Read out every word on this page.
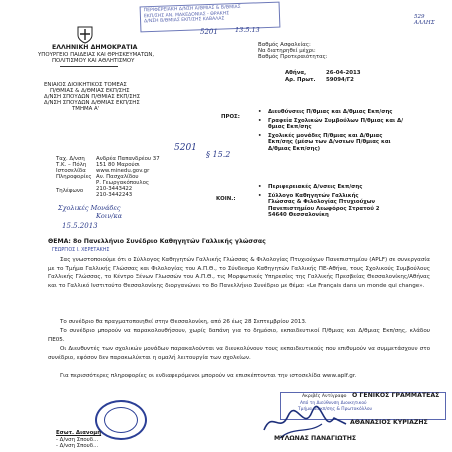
529
ΑΛΛΗΣ
ΠΕΡΙΦΕΡΕΙΑΚΗ Δ/ΝΣΗ Α/ΘΜΙΑΣ & Β/ΘΜΙΑΣ
ΕΚΠ/ΣΗΣ ΑΝ. ΜΑΚΕΔΟΝΙΑΣ - ΘΡΑΚΗΣ
Δ/ΝΣΗ Β/ΘΜΙΑΣ ΕΚΠ/ΣΗΣ ΚΑΒΑΛΑΣ
5201	13.5.13
ΕΛΛΗΝΙΚΗ ΔΗΜΟΚΡΑΤΙΑ
ΥΠΟΥΡΓΕΙΟ ΠΑΙΔΕΙΑΣ ΚΑΙ ΘΡΗΣΚΕΥΜΑΤΩΝ,
ΠΟΛΙΤΙΣΜΟΥ ΚΑΙ ΑΘΛΗΤΙΣΜΟΥ
ΕΝΙΑΙΟΣ ΔΙΟΙΚΗΤΙΚΟΣ ΤΟΜΕΑΣ
Π/ΘΜΙΑΣ & Δ/ΘΜΙΑΣ ΕΚΠ/ΣΗΣ
Δ/ΝΣΗ ΣΠΟΥΔΩΝ Π/ΘΜΙΑΣ ΕΚΠ/ΣΗΣ
Δ/ΝΣΗ ΣΠΟΥΔΩΝ Δ/ΘΜΙΑΣ ΕΚΠ/ΣΗΣ
ΤΜΗΜΑ Α'
Βαθμός Ασφαλείας:
Να διατηρηθεί μέχρι:
Βαθμός Προτεραιότητας:
Αθήνα,	26-04-2013
Αρ. Πρωτ. 59094/Γ2
Ταχ. Δ/νση Ανδρέα Παπανδρέου 37
Τ.Κ. – Πόλη 151 80 Μαρούσι
Ιστοσελίδα www.minedu.gov.gr
Πληροφορίες Αν. Πασχαλίδου
Ρ. Γεωργακόπουλος
Τηλέφωνο 210-3443422
210-3442243
5201
§ 15.2
Σχολικές Μονάδες
Κοιν/κα
15.5.2013
ΠΡΟΣ:
•	Διευθύνσεις Π/θμιας και Δ/θμιας Εκπ/σης
•	Γραφεία Σχολικών Συμβούλων Π/θμιας και Δ/θμιας Εκπ/σης
•	Σχολικές μονάδες Π/θμιας και Δ/θμιας Εκπ/σης (μέσω των Δ/νσεων Π/θμιας και Δ/θμιας Εκπ/σης)
ΚΟΙΝ.:
•	Περιφερειακές Δ/νσεις Εκπ/σης
•	Σύλλογο Καθηγητών Γαλλικής Γλώσσας & Φιλολογίας Πτυχιούχων Πανεπιστημίου Λεωφόρος Στρατού 2 54640 Θεσσαλονίκη
ΘΕΜΑ: 8ο Πανελλήνιο Συνέδριο Καθηγητών Γαλλικής γλώσσας
ΓΕΩΡΓΙΟΣ Ι. ΧΕΡΕΤΑΚΗΣ
Σας γνωστοποιούμε ότι ο Σύλλογος Καθηγητών Γαλλικής Γλώσσας & Φιλολογίας Πτυχιούχων Πανεπιστημίου (APLF) σε συνεργασία με το Τμήμα Γαλλικής Γλώσσας και Φιλολογίας του Α.Π.Θ., το Σύνδεσμο Καθηγητών Γαλλικής ΠΕ-Αθήνα, τους Σχολικούς Συμβούλους Γαλλικής Γλώσσας, το Κέντρο Ξένων Γλωσσών του Α.Π.Θ., τις Μορφωτικές Υπηρεσίες της Γαλλικής Πρεσβείας Θεσσαλονίκης/Αθήνας και το Γαλλικό Ινστιτούτο Θεσσαλονίκης διοργανώνει το 8ο Πανελλήνιο Συνέδριο με θέμα: «Le Français dans un monde qui change».
Το συνέδριο θα πραγματοποιηθεί στην Θεσσαλονίκη, από 26 έως 28 Σεπτεμβρίου 2013.
Το συνέδριο μπορούν να παρακολουθήσουν, χωρίς δαπάνη για το δημόσιο, εκπαιδευτικοί Π/θμιας και Δ/θμιας Εκπ/σης, κλάδου ΠΕ05.
Οι Διευθυντές των σχολικών μονάδων παρακαλούνται να διευκολύνουν τους εκπαιδευτικούς που επιθυμούν να συμμετάσχουν στο συνέδριο, εφόσον δεν παρακωλύεται η ομαλή λειτουργία των σχολείων.
Για περισσότερες πληροφορίες οι ενδιαφερόμενοι μπορούν να επισκέπτονται την ιστοσελίδα www.aplf.gr.
Ακριβές Αντίγραφο Ο ΓΕΝΙΚΟΣ ΓΡΑΜΜΑΤΕΑΣ
Από τη Διεύθυνση Διοικητικού
Τμήμα Διεκπ/σης & Πρωτοκόλλου
ΑΘΑΝΑΣΙΟΣ ΚΥΡΙΑΖΗΣ
ΜΥΛΩΝΑΣ ΠΑΝΑΓΙΩΤΗΣ
Εσωτ. Διανομή
- Δ/νση Σπουδ...
- Δ/νση Σπουδ...
